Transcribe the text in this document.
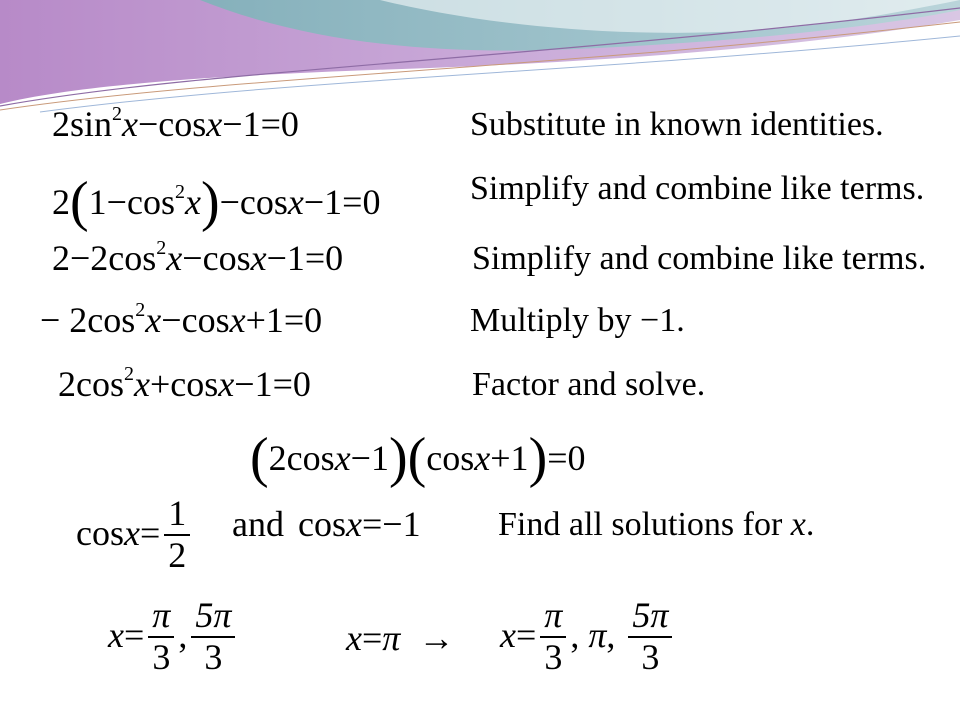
$2\sin^2x-\cos x-1=0$	Substitute in known identities.
$2(1-\cos^2x)-\cos x-1=0$	Simplify and combine like terms.
$2-2\cos^2x-\cos x-1=0$	Simplify and combine like terms.
− $2\cos^2x-\cos x+1=0$	Multiply by −1.
$2\cos^2x+\cos x-1=0$	Factor and solve.
(2cosx−1)(cosx+1)=0
$\cos x= \frac{1}{2}$ and cosx=−1 Find all solutions for x.
$x= \frac{\pi}{3}$ , $\frac{5\pi}{3}$	x=π →	$x= \frac{\pi}{3}$ , π, $\frac{5\pi}{3}$
